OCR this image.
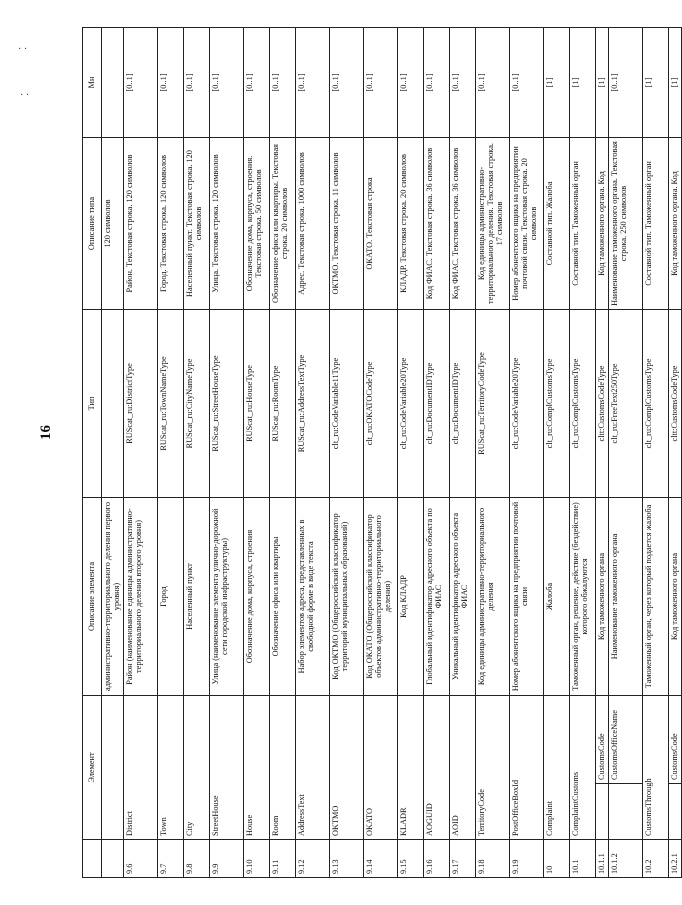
16
· ·
· ·
	Элемент		Описание элемента	Тип	Описание типа	Мн
			административно-территориального деления первого уровня)		120 символов	
9.6	District		Район (наименование единицы административно-территориального деления второго уровня)	RUScat_ru:DistrictType	Район. Текстовая строка. 120 символов	[0..1]
9.7	Town		Город	RUScat_ru:TownNameType	Город. Текстовая строка. 120 символов	[0..1]
9.8	City		Населенный пункт	RUScat_ru:CityNameType	Населенный пункт. Текстовая строка. 120 символов	[0..1]
9.9	StreetHouse		Улица (наименование элемента улично-дорожной сети городской инфраструктуры)	RUScat_ru:StreetHouseType	Улица. Текстовая строка. 120 символов	[0..1]
9.10	House		Обозначение дома, корпуса, строения	RUScat_ru:HouseType	Обозначение дома, корпуса, строения. Текстовая строка. 50 символов	[0..1]
9.11	Room		Обозначение офиса или квартиры	RUScat_ru:RoomType	Обозначение офиса или квартиры. Текстовая строка. 20 символов	[0..1]
9.12	AddressText		Набор элементов адреса, представленных в свободной форме в виде текста	RUScat_ru:AddressTextType	Адрес. Текстовая строка. 1000 символов	[0..1]
9.13	OKTMO		Код ОКТМО (Общероссийский классификатор территорий муниципальных образований)	clt_ru:CodeVariable11Type	ОКТМО. Текстовая строка. 11 символов	[0..1]
9.14	OKATO		Код ОКАТО (Общероссийский классификатор объектов административно-территориального деления)	clt_ru:OKATOCodeType	ОКАТО. Текстовая строка	[0..1]
9.15	KLADR		Код КЛАДР	clt_ru:CodeVariable20Type	КЛАДР. Текстовая строка. 20 символов	[0..1]
9.16	AOGUID		Глобальный идентификатор адресного объекта по ФИАС	clt_ru:DocumentIDType	Код ФИАС. Текстовая строка. 36 символов	[0..1]
9.17	AOID		Уникальный идентификатор адресного объекта ФИАС	clt_ru:DocumentIDType	Код ФИАС. Текстовая строка. 36 символов	[0..1]
9.18	TerritoryCode		Код единицы административно-территориального деления	RUScat_ru:TerritoryCodeType	Код единицы административно-территориального деления. Текстовая строка. 17 символов	[0..1]
9.19	PostOfficeBoxId		Номер абонентского ящика на предприятии почтовой связи	clt_ru:CodeVariable20Type	Номер абонентского ящика на предприятии почтовой связи. Текстовая строка. 20 символов	[0..1]
10	Complaint		Жалоба	clt_ru:ComplCustomsType	Составной тип. Жалоба	[1]
10.1	ComplaintCustoms		Таможенный орган, решение, действие (бездействие) которого обжалуются	clt_ru:ComplCustomsType	Составной тип. Таможенный орган	[1]
10.1.1		CustomsCode	Код таможенного органа	cltt:CustomsCodeType	Код таможенного органа. Код	[1]
10.1.2		CustomsOfficeName	Наименование таможенного органа	clt_ru:FreeText250Type	Наименование таможенного органа. Текстовая строка. 250 символов	[0..1]
10.2	CustomsThrough		Таможенный орган, через который подается жалоба	clt_ru:ComplCustomsType	Составной тип. Таможенный орган	[1]
10.2.1		CustomsCode	Код таможенного органа	cltt:CustomsCodeType	Код таможенного органа. Код	[1]
